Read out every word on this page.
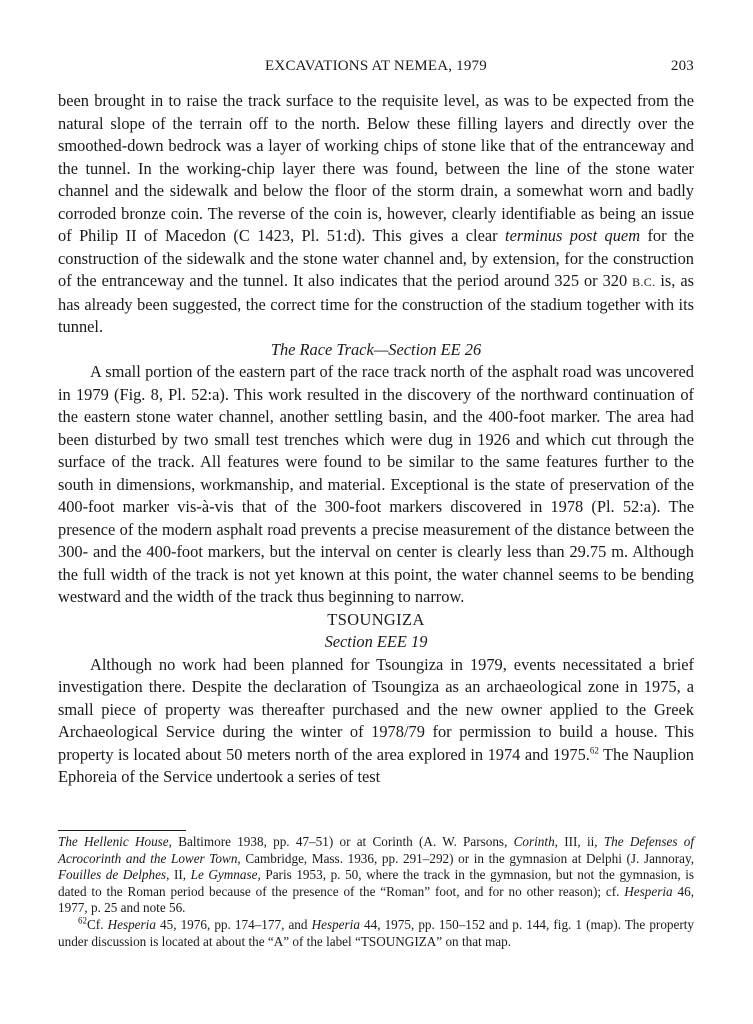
EXCAVATIONS AT NEMEA, 1979	203

been brought in to raise the track surface to the requisite level, as was to be expected from the natural slope of the terrain off to the north. Below these filling layers and directly over the smoothed-down bedrock was a layer of working chips of stone like that of the entranceway and the tunnel. In the working-chip layer there was found, between the line of the stone water channel and the sidewalk and below the floor of the storm drain, a somewhat worn and badly corroded bronze coin. The reverse of the coin is, however, clearly identifiable as being an issue of Philip II of Macedon (C 1423, Pl. 51:d). This gives a clear terminus post quem for the construction of the sidewalk and the stone water channel and, by extension, for the construction of the entranceway and the tunnel. It also indicates that the period around 325 or 320 B.C. is, as has already been suggested, the correct time for the construction of the stadium together with its tunnel.

The Race Track—Section EE 26

A small portion of the eastern part of the race track north of the asphalt road was uncovered in 1979 (Fig. 8, Pl. 52:a). This work resulted in the discovery of the northward continuation of the eastern stone water channel, another settling basin, and the 400-foot marker. The area had been disturbed by two small test trenches which were dug in 1926 and which cut through the surface of the track. All features were found to be similar to the same features further to the south in dimensions, workmanship, and material. Exceptional is the state of preservation of the 400-foot marker vis-à-vis that of the 300-foot markers discovered in 1978 (Pl. 52:a). The presence of the modern asphalt road prevents a precise measurement of the distance between the 300- and the 400-foot markers, but the interval on center is clearly less than 29.75 m. Although the full width of the track is not yet known at this point, the water channel seems to be bending westward and the width of the track thus beginning to narrow.

TSOUNGIZA

Section EEE 19

Although no work had been planned for Tsoungiza in 1979, events necessitated a brief investigation there. Despite the declaration of Tsoungiza as an archaeological zone in 1975, a small piece of property was thereafter purchased and the new owner applied to the Greek Archaeological Service during the winter of 1978/79 for permission to build a house. This property is located about 50 meters north of the area explored in 1974 and 1975.62 The Nauplion Ephoreia of the Service undertook a series of test

The Hellenic House, Baltimore 1938, pp. 47–51) or at Corinth (A. W. Parsons, Corinth, III, ii, The Defenses of Acrocorinth and the Lower Town, Cambridge, Mass. 1936, pp. 291–292) or in the gymnasion at Delphi (J. Jannoray, Fouilles de Delphes, II, Le Gymnase, Paris 1953, p. 50, where the track in the gymnasion, but not the gymnasion, is dated to the Roman period because of the presence of the “Roman” foot, and for no other reason); cf. Hesperia 46, 1977, p. 25 and note 56.

$^{62}$Cf. Hesperia 45, 1976, pp. 174–177, and Hesperia 44, 1975, pp. 150–152 and p. 144, fig. 1 (map). The property under discussion is located at about the “A” of the label “TSOUNGIZA” on that map.
